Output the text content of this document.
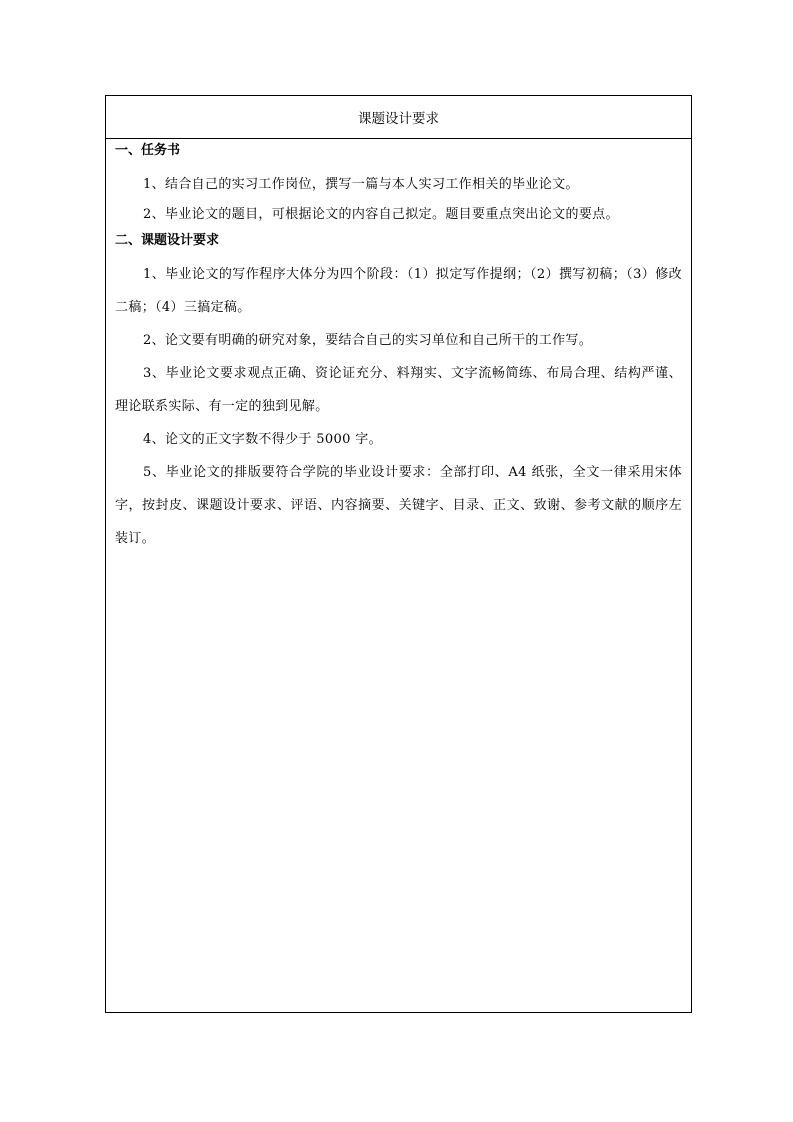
课题设计要求
一、任务书

1、结合自己的实习工作岗位，撰写一篇与本人实习工作相关的毕业论文。

2、毕业论文的题目，可根据论文的内容自己拟定。题目要重点突出论文的要点。

二、课题设计要求

1、毕业论文的写作程序大体分为四个阶段：（1）拟定写作提纲；（2）撰写初稿；（3）修改二稿；（4）三搞定稿。

2、论文要有明确的研究对象，要结合自己的实习单位和自己所干的工作写。

3、毕业论文要求观点正确、资论证充分、料翔实、文字流畅简练、布局合理、结构严谨、理论联系实际、有一定的独到见解。

4、论文的正文字数不得少于 5000 字。

5、毕业论文的排版要符合学院的毕业设计要求：全部打印、A4 纸张，全文一律采用宋体字，按封皮、课题设计要求、评语、内容摘要、关键字、目录、正文、致谢、参考文献的顺序左装订。
